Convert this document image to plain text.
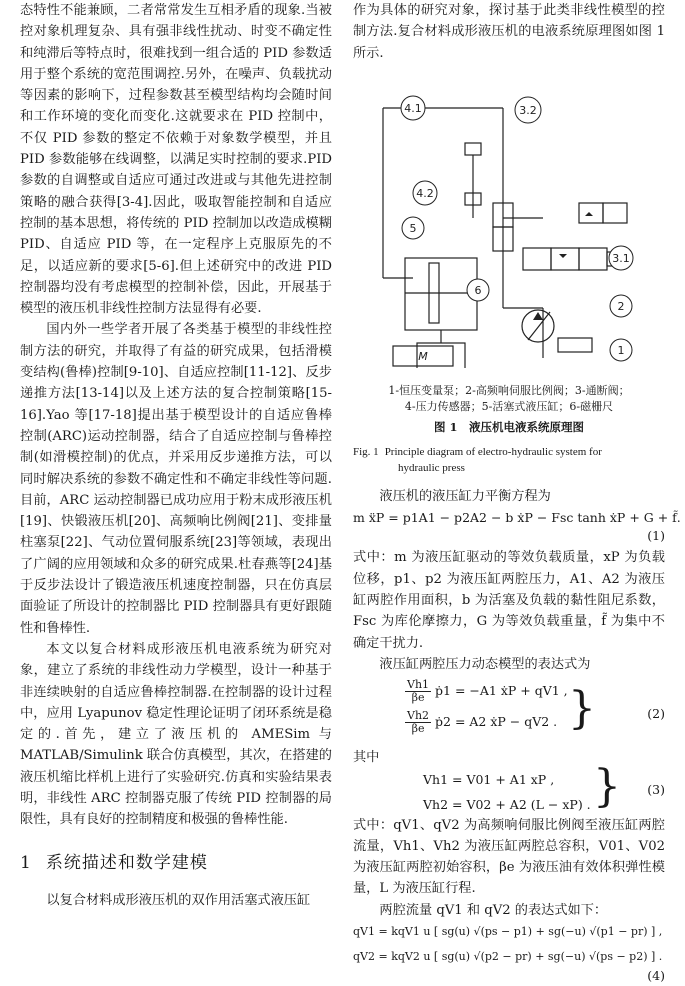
态特性不能兼顾，二者常常发生互相矛盾的现象.当被控对象机理复杂、具有强非线性扰动、时变不确定性和纯滞后等特点时，很难找到一组合适的 PID 参数适用于整个系统的宽范围调控.另外，在噪声、负载扰动等因素的影响下，过程参数甚至模型结构均会随时间和工作环境的变化而变化.这就要求在 PID 控制中，不仅 PID 参数的整定不依赖于对象数学模型，并且 PID 参数能够在线调整，以满足实时控制的要求.PID 参数的自调整或自适应可通过改进或与其他先进控制策略的融合获得[3-4].因此，吸取智能控制和自适应控制的基本思想，将传统的 PID 控制加以改造成模糊 PID、自适应 PID 等，在一定程序上克服原先的不足，以适应新的要求[5-6].但上述研究中的改进 PID 控制器均没有考虑模型的控制补偿，因此，开展基于模型的液压机非线性控制方法显得有必要.

国内外一些学者开展了各类基于模型的非线性控制方法的研究，并取得了有益的研究成果，包括滑模变结构(鲁棒)控制[9-10]、自适应控制[11-12]、反步递推方法[13-14]以及上述方法的复合控制策略[15-16].Yao 等[17-18]提出基于模型设计的自适应鲁棒控制(ARC)运动控制器，结合了自适应控制与鲁棒控制(如滑模控制)的优点，并采用反步递推方法，可以同时解决系统的参数不确定性和不确定非线性等问题.目前，ARC 运动控制器已成功应用于粉末成形液压机[19]、快锻液压机[20]、高频响比例阀[21]、变排量柱塞泵[22]、气动位置伺服系统[23]等领域，表现出了广阔的应用领域和众多的研究成果.杜春燕等[24]基于反步法设计了锻造液压机速度控制器，只在仿真层面验证了所设计的控制器比 PID 控制器具有更好跟随性和鲁棒性.

本文以复合材料成形液压机电液系统为研究对象，建立了系统的非线性动力学模型，设计一种基于非连续映射的自适应鲁棒控制器.在控制器的设计过程中，应用 Lyapunov 稳定性理论证明了闭环系统是稳定的.首先，建立了液压机的 AMESim 与 MATLAB/Simulink 联合仿真模型，其次，在搭建的液压机缩比样机上进行了实验研究.仿真和实验结果表明，非线性 ARC 控制器克服了传统 PID 控制器的局限性，具有良好的控制精度和极强的鲁棒性能.

1 系统描述和数学建模

以复合材料成形液压机的双作用活塞式液压缸

作为具体的研究对象，探讨基于此类非线性模型的控制方法.复合材料成形液压机的电液系统原理图如图 1 所示.

4.1	3.2
4.2
5
3.1
6
2
1
M
1-恒压变量泵；2-高频响伺服比例阀；3-通断阀；
4-压力传感器；5-活塞式液压缸；6-磁栅尺
图 1　液压机电液系统原理图
Fig. 1 Principle diagram of electro-hydraulic system for
hydraulic press

液压机的液压缸力平衡方程为

m ẍP = p1A1 − p2A2 − b ẋP − Fsc tanh ẋP + G + f̃.
(1)

式中：m 为液压缸驱动的等效负载质量，xP 为负载位移，p1、p2 为液压缸两腔压力，A1、A2 为液压缸两腔作用面积，b 为活塞及负载的黏性阻尼系数，Fsc 为库伦摩擦力，G 为等效负载重量，f̃ 为集中不确定干扰力.

液压缸两腔压力动态模型的表达式为

$\frac{Vh1}{\beta e}$ ṗ1 = −A1 ẋP + qV1 ,
$\frac{Vh2}{\beta e}$ ṗ2 = A2 ẋP − qV2 . }	(2)

其中

Vh1 = V01 + A1 xP ,
Vh2 = V02 + A2 (L − xP) . } (3)

式中：qV1、qV2 为高频响伺服比例阀至液压缸两腔流量，Vh1、Vh2 为液压缸两腔总容积，V01、V02 为液压缸两腔初始容积，βe 为液压油有效体积弹性模量，L 为液压缸行程.

两腔流量 qV1 和 qV2 的表达式如下：

qV1 = kqV1 u [ sg(u) √(ps − p1) + sg(−u) √(p1 − pr) ] ,
qV2 = kqV2 u [ sg(u) √(p2 − pr) + sg(−u) √(ps − p2) ] .
(4)
